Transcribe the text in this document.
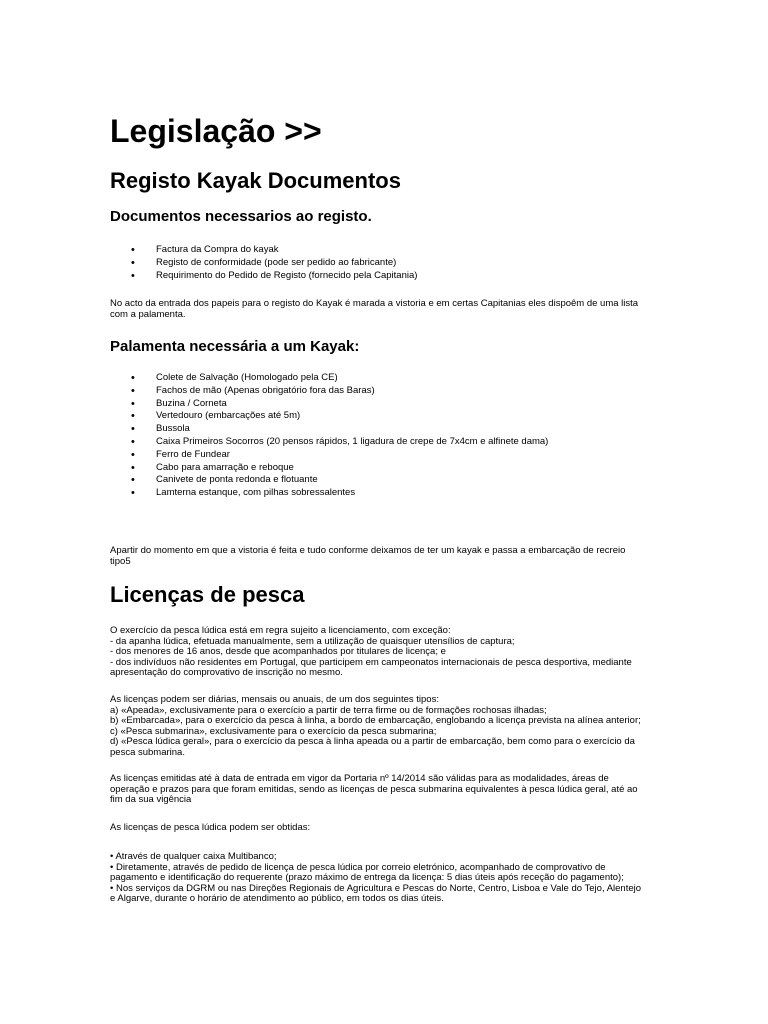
Legislação >>
Registo Kayak Documentos
Documentos necessarios ao registo.
• Factura da Compra do kayak
• Registo de conformidade (pode ser pedido ao fabricante)
• Requirimento do Pedido de Registo (fornecido pela Capitania)

No acto da entrada dos papeis para o registo do Kayak é marada a vistoria e em certas Capitanias eles dispoêm de uma lista
com a palamenta.

Palamenta necessária a um Kayak:
• Colete de Salvação (Homologado pela CE)
• Fachos de mão (Apenas obrigatório fora das Baras)
• Buzina / Corneta
• Vertedouro (embarcações até 5m)
• Bussola
• Caixa Primeiros Socorros (20 pensos rápidos, 1 ligadura de crepe de 7x4cm e alfinete dama)
• Ferro de Fundear
• Cabo para amarração e reboque
• Canivete de ponta redonda e flotuante
• Lamterna estanque, com pilhas sobressalentes

Apartir do momento em que a vistoria é feita e tudo conforme deixamos de ter um kayak e passa a embarcação de recreio
tipo5

Licenças de pesca

O exercício da pesca lúdica está em regra sujeito a licenciamento, com exceção:
- da apanha lúdica, efetuada manualmente, sem a utilização de quaisquer utensílios de captura;
- dos menores de 16 anos, desde que acompanhados por titulares de licença; e
- dos indivíduos não residentes em Portugal, que participem em campeonatos internacionais de pesca desportiva, mediante
apresentação do comprovativo de inscrição no mesmo.

As licenças podem ser diárias, mensais ou anuais, de um dos seguintes tipos:
a) «Apeada», exclusivamente para o exercício a partir de terra firme ou de formações rochosas ilhadas;
b) «Embarcada», para o exercício da pesca à linha, a bordo de embarcação, englobando a licença prevista na alínea anterior;
c) «Pesca submarina», exclusivamente para o exercício da pesca submarina;
d) «Pesca lúdica geral», para o exercício da pesca à linha apeada ou a partir de embarcação, bem como para o exercício da
pesca submarina.

As licenças emitidas até à data de entrada em vigor da Portaria nº 14/2014 são válidas para as modalidades, áreas de
operação e prazos para que foram emitidas, sendo as licenças de pesca submarina equivalentes à pesca lúdica geral, até ao
fim da sua vigência

As licenças de pesca lúdica podem ser obtidas:

• Através de qualquer caixa Multibanco;
• Diretamente, através de pedido de licença de pesca lúdica por correio eletrónico, acompanhado de comprovativo de
pagamento e identificação do requerente (prazo máximo de entrega da licença: 5 dias úteis após receção do pagamento);
• Nos serviços da DGRM ou nas Direções Regionais de Agricultura e Pescas do Norte, Centro, Lisboa e Vale do Tejo, Alentejo
e Algarve, durante o horário de atendimento ao público, em todos os dias úteis.
